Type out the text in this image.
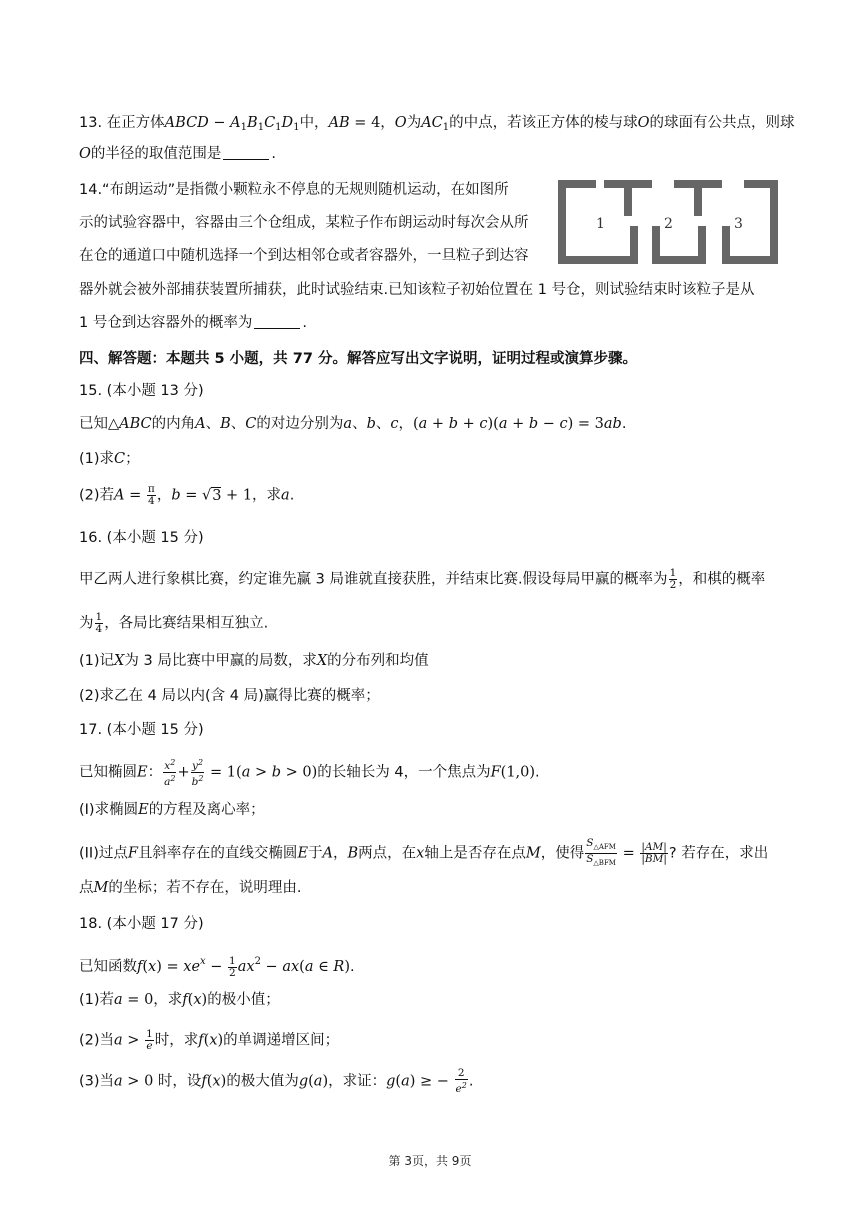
13. 在正方体ABCD − $A_1B_1C_1D_1$中，AB = 4，O为$AC_1$的中点，若该正方体的棱与球O的球面有公共点，则球
O的半径的取值范围是	.
14.“布朗运动”是指微小颗粒永不停息的无规则随机运动，在如图所
示的试验容器中，容器由三个仓组成，某粒子作布朗运动时每次会从所
在仓的通道口中随机选择一个到达相邻仓或者容器外，一旦粒子到达容
器外就会被外部捕获装置所捕获，此时试验结束.已知该粒子初始位置在 1 号仓，则试验结束时该粒子是从
1 号仓到达容器外的概率为	.
1	2	3
四、解答题：本题共 5 小题，共 77 分。解答应写出文字说明，证明过程或演算步骤。
15. (本小题 13 分)
已知△ABC的内角A、B、C的对边分别为a、b、c，(a + b + c)(a + b − c) = 3ab.
(1)求C；
(2)若$A = \frac{\pi}{4}$ ，b = √3 + 1，求a.
16. (本小题 15 分)
甲乙两人进行象棋比赛，约定谁先赢 3 局谁就直接获胜，并结束比赛.假设每局甲赢的概率为 $\frac{1}{2}$ ，和棋的概率
为 $\frac{1}{4}$ ，各局比赛结果相互独立.
(1)记X为 3 局比赛中甲赢的局数，求X的分布列和均值
(2)求乙在 4 局以内(含 4 局)赢得比赛的概率；
17. (本小题 15 分)
已知椭圆E： $\frac{x^2}{a^2} + \frac{y^2}{b^2} = 1(a > b > 0)$的长轴长为 4，一个焦点为F(1,0).
(I)求椭圆E的方程及离心率；
(II)过点F且斜率存在的直线交椭圆E于A，B两点，在x轴上是否存在点M，使得 $\frac{S_{\triangle AFM}}{S_{\triangle BFM}} = \frac{|AM|}{|BM|}$ ? 若存在，求出
点M的坐标；若不存在，说明理由.
18. (本小题 17 分)
已知函数$f(x) = xe^x - \frac{1}{2} ax^2 - ax(a$ ∈ R).
(1)若a = 0，求f(x)的极小值；
(2)当$a > \frac{1}{e}$ 时，求f(x)的单调递增区间；
(3)当a > 0 时，设f(x)的极大值为g(a)，求证：g(a) ≥ − $\frac{2}{e^2}$ .
第 3页，共 9页
